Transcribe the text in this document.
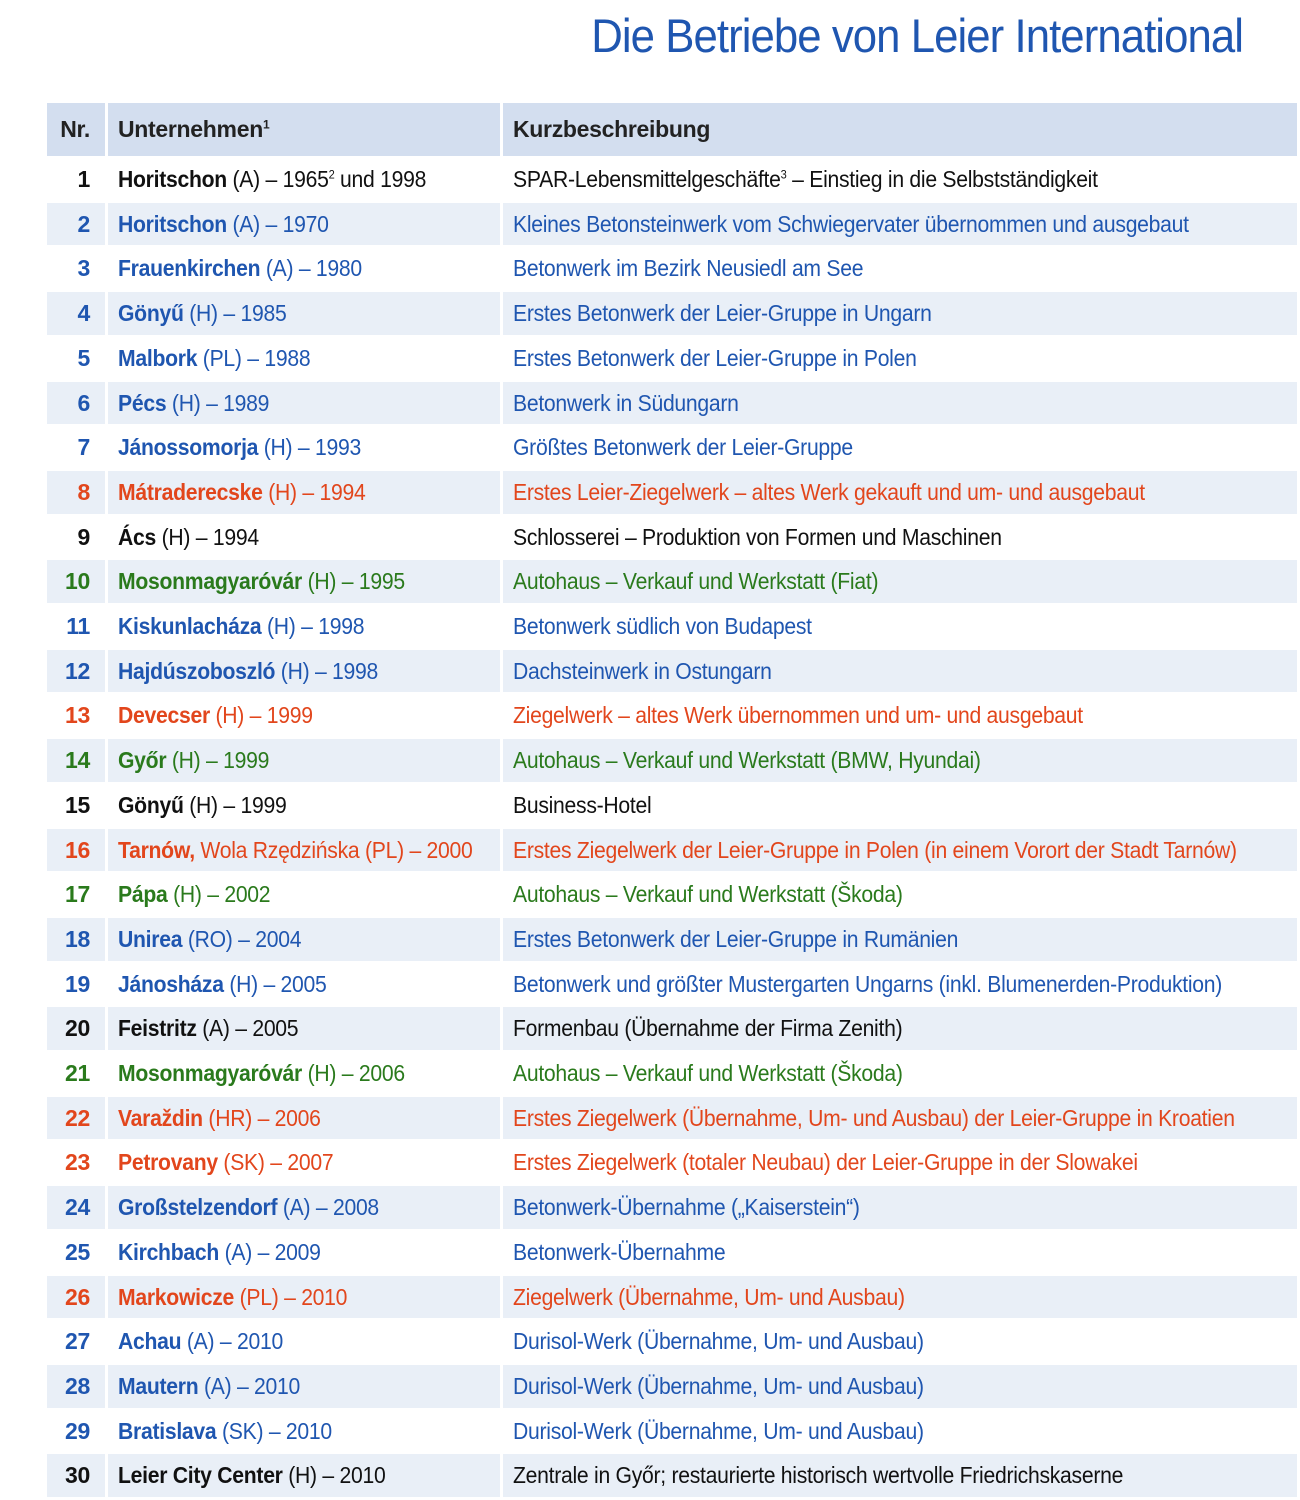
Die Betriebe von Leier International
Nr.	Unternehmen$^1$	Kurzbeschreibung
1	Horitschon (A) – 1965$^2$ und 1998	SPAR-Lebensmittelgeschäfte$^3$ – Einstieg in die Selbstständigkeit
2	Horitschon (A) – 1970	Kleines Betonsteinwerk vom Schwiegervater übernommen und ausgebaut
3	Frauenkirchen (A) – 1980	Betonwerk im Bezirk Neusiedl am See
4	Gönyű (H) – 1985	Erstes Betonwerk der Leier-Gruppe in Ungarn
5	Malbork (PL) – 1988	Erstes Betonwerk der Leier-Gruppe in Polen
6	Pécs (H) – 1989	Betonwerk in Südungarn
7	Jánossomorja (H) – 1993	Größtes Betonwerk der Leier-Gruppe
8	Mátraderecske (H) – 1994	Erstes Leier-Ziegelwerk – altes Werk gekauft und um- und ausgebaut
9	Ács (H) – 1994	Schlosserei – Produktion von Formen und Maschinen
10	Mosonmagyaróvár (H) – 1995	Autohaus – Verkauf und Werkstatt (Fiat)
11	Kiskunlacháza (H) – 1998	Betonwerk südlich von Budapest
12	Hajdúszoboszló (H) – 1998	Dachsteinwerk in Ostungarn
13	Devecser (H) – 1999	Ziegelwerk – altes Werk übernommen und um- und ausgebaut
14	Győr (H) – 1999	Autohaus – Verkauf und Werkstatt (BMW, Hyundai)
15	Gönyű (H) – 1999	Business-Hotel
16	Tarnów, Wola Rzędzińska (PL) – 2000	Erstes Ziegelwerk der Leier-Gruppe in Polen (in einem Vorort der Stadt Tarnów)
17	Pápa (H) – 2002	Autohaus – Verkauf und Werkstatt (Škoda)
18	Unirea (RO) – 2004	Erstes Betonwerk der Leier-Gruppe in Rumänien
19	Jánosháza (H) – 2005	Betonwerk und größter Mustergarten Ungarns (inkl. Blumenerden-Produktion)
20	Feistritz (A) – 2005	Formenbau (Übernahme der Firma Zenith)
21	Mosonmagyaróvár (H) – 2006	Autohaus – Verkauf und Werkstatt (Škoda)
22	Varaždin (HR) – 2006	Erstes Ziegelwerk (Übernahme, Um- und Ausbau) der Leier-Gruppe in Kroatien
23	Petrovany (SK) – 2007	Erstes Ziegelwerk (totaler Neubau) der Leier-Gruppe in der Slowakei
24	Großstelzendorf (A) – 2008	Betonwerk-Übernahme („Kaiserstein“)
25	Kirchbach (A) – 2009	Betonwerk-Übernahme
26	Markowicze (PL) – 2010	Ziegelwerk (Übernahme, Um- und Ausbau)
27	Achau (A) – 2010	Durisol-Werk (Übernahme, Um- und Ausbau)
28	Mautern (A) – 2010	Durisol-Werk (Übernahme, Um- und Ausbau)
29	Bratislava (SK) – 2010	Durisol-Werk (Übernahme, Um- und Ausbau)
30	Leier City Center (H) – 2010	Zentrale in Győr; restaurierte historisch wertvolle Friedrichskaserne
